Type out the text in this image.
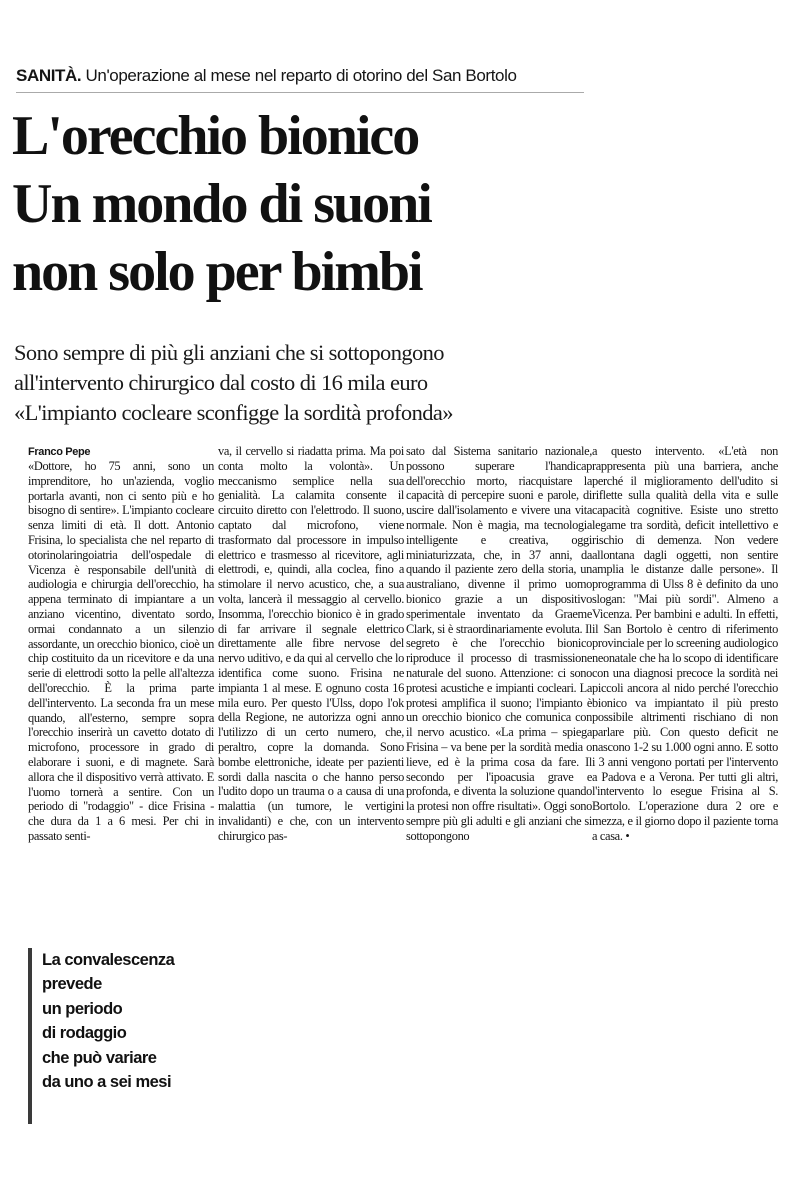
SANITÀ. Un'operazione al mese nel reparto di otorino del San Bortolo
L'orecchio bionico
Un mondo di suoni
non solo per bimbi
Sono sempre di più gli anziani che si sottopongono
all'intervento chirurgico dal costo di 16 mila euro
«L'impianto cocleare sconfigge la sordità profonda»
Franco Pepe

«Dottore, ho 75 anni, sono un imprenditore, ho un'azienda, voglio portarla avanti, non ci sento più e ho bisogno di sentire». L'impianto cocleare senza limiti di età. Il dott. Antonio Frisina, lo specialista che nel reparto di otorinolaringoiatria dell'ospedale di Vicenza è responsabile dell'unità di audiologia e chirurgia dell'orecchio, ha appena terminato di impiantare a un anziano vicentino, diventato sordo, ormai condannato a un silenzio assordante, un orecchio bionico, cioè un chip costituito da un ricevitore e da una serie di elettrodi sotto la pelle all'altezza dell'orecchio. È la prima parte dell'intervento. La seconda fra un mese quando, all'esterno, sempre sopra l'orecchio inserirà un cavetto dotato di microfono, processore in grado di elaborare i suoni, e di magnete. Sarà allora che il dispositivo verrà attivato. E l'uomo tornerà a sentire. Con un periodo di "rodaggio" - dice Frisina - che dura da 1 a 6 mesi. Per chi in passato senti-

va, il cervello si riadatta prima. Ma poi conta molto la volontà». Un meccanismo semplice nella sua genialità. La calamita consente il circuito diretto con l'elettrodo. Il suono, captato dal microfono, viene trasformato dal processore in impulso elettrico e trasmesso al ricevitore, agli elettrodi, e, quindi, alla coclea, fino a stimolare il nervo acustico, che, a sua volta, lancerà il messaggio al cervello. Insomma, l'orecchio bionico è in grado di far arrivare il segnale elettrico direttamente alle fibre nervose del nervo uditivo, e da qui al cervello che lo identifica come suono. Frisina ne impianta 1 al mese. E ognuno costa 16 mila euro. Per questo l'Ulss, dopo l'ok della Regione, ne autorizza ogni anno l'utilizzo di un certo numero, che, peraltro, copre la domanda. Sono bombe elettroniche, ideate per pazienti sordi dalla nascita o che hanno perso l'udito dopo un trauma o a causa di una malattia (un tumore, le vertigini invalidanti) e che, con un intervento chirurgico pas-

sato dal Sistema sanitario nazionale, possono superare l'handicap dell'orecchio morto, riacquistare la capacità di percepire suoni e parole, di uscire dall'isolamento e vivere una vita normale. Non è magia, ma tecnologia intelligente e creativa, oggi miniaturizzata, che, in 37 anni, da quando il paziente zero della storia, un australiano, divenne il primo uomo bionico grazie a un dispositivo sperimentale inventato da Graeme Clark, si è straordinariamente evoluta. Il segreto è che l'orecchio bionico riproduce il processo di trasmissione naturale del suono. Attenzione: ci sono protesi acustiche e impianti cocleari. La protesi amplifica il suono; l'impianto è un orecchio bionico che comunica con il nervo acustico. «La prima – spiega Frisina – va bene per la sordità media o lieve, ed è la prima cosa da fare. Il secondo per l'ipoacusia grave e profonda, e diventa la soluzione quando la protesi non offre risultati». Oggi sono sempre più gli adulti e gli anziani che si sottopongono

a questo intervento. «L'età non rappresenta più una barriera, anche perché il miglioramento dell'udito si riflette sulla qualità della vita e sulle capacità cognitive. Esiste uno stretto legame tra sordità, deficit intellettivo e rischio di demenza. Non vedere allontana dagli oggetti, non sentire amplia le distanze dalle persone». Il programma di Ulss 8 è definito da uno slogan: "Mai più sordi". Almeno a Vicenza. Per bambini e adulti. In effetti, il San Bortolo è centro di riferimento provinciale per lo screening audiologico neonatale che ha lo scopo di identificare con una diagnosi precoce la sordità nei piccoli ancora al nido perché l'orecchio bionico va impiantato il più presto possibile altrimenti rischiano di non parlare più. Con questo deficit ne nascono 1-2 su 1.000 ogni anno. E sotto i 3 anni vengono portati per l'intervento a Padova e a Verona. Per tutti gli altri, l'intervento lo esegue Frisina al S. Bortolo. L'operazione dura 2 ore e mezza, e il giorno dopo il paziente torna a casa. •

La convalescenza
prevede
un periodo
di rodaggio
che può variare
da uno a sei mesi
